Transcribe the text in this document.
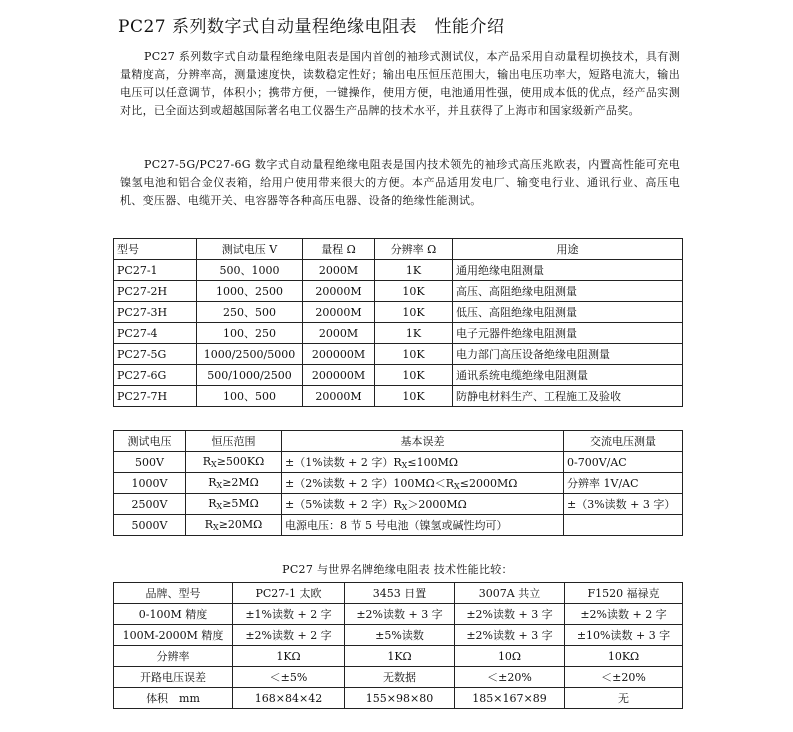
PC27 系列数字式自动量程绝缘电阻表　性能介绍
PC27 系列数字式自动量程绝缘电阻表是国内首创的袖珍式测试仪，本产品采用自动量程切换技术，具有测量精度高，分辨率高，测量速度快，读数稳定性好；输出电压恒压范围大，输出电压功率大，短路电流大，输出电压可以任意调节，体积小；携带方便，一键操作，使用方便，电池通用性强，使用成本低的优点，经产品实测对比，已全面达到或超越国际著名电工仪器生产品牌的技术水平，并且获得了上海市和国家级新产品奖。
PC27-5G/PC27-6G 数字式自动量程绝缘电阻表是国内技术领先的袖珍式高压兆欧表，内置高性能可充电镍氢电池和铝合金仪表箱，给用户使用带来很大的方便。本产品适用发电厂、输变电行业、通讯行业、高压电机、变压器、电缆开关、电容器等各种高压电器、设备的绝缘性能测试。
型号	测试电压 V	量程 Ω	分辨率 Ω	用途
PC27-1	500、1000	2000M	1K	通用绝缘电阻测量
PC27-2H	1000、2500	20000M	10K	高压、高阻绝缘电阻测量
PC27-3H	250、500	20000M	10K	低压、高阻绝缘电阻测量
PC27-4	100、250	2000M	1K	电子元器件绝缘电阻测量
PC27-5G	1000/2500/5000	200000M	10K	电力部门高压设备绝缘电阻测量
PC27-6G	500/1000/2500	200000M	10K	通讯系统电缆绝缘电阻测量
PC27-7H	100、500	20000M	10K	防静电材料生产、工程施工及验收
测试电压	恒压范围	基本误差	交流电压测量
500V	$R_X\ge 500K\Omega$	±（1%读数 + 2 字）$R_X\le 100M\Omega$	0-700V/AC
1000V	$R_X\ge 2M\Omega$	±（2%读数 + 2 字）$100M\Omega<R_X\le 2000M\Omega$	分辨率 1V/AC
2500V	$R_X\ge 5M\Omega$	±（5%读数 + 2 字）$R_X>2000M\Omega$	±（3%读数 + 3 字）
5000V	$R_X\ge 20M\Omega$	电源电压：8 节 5 号电池（镍氢或碱性均可）	
PC27 与世界名牌绝缘电阻表 技术性能比较：
品牌、型号	PC27-1 太欧	3453 日置	3007A 共立	F1520 福禄克
0-100M 精度	±1%读数 + 2 字	±2%读数 + 3 字	±2%读数 + 3 字	±2%读数 + 2 字
100M-2000M 精度	±2%读数 + 2 字	±5%读数	±2%读数 + 3 字	±10%读数 + 3 字
分辨率	1KΩ	1KΩ	10Ω	10KΩ
开路电压误差	＜±5%	无数据	＜±20%	＜±20%
体积　mm	168×84×42	155×98×80	185×167×89	无
